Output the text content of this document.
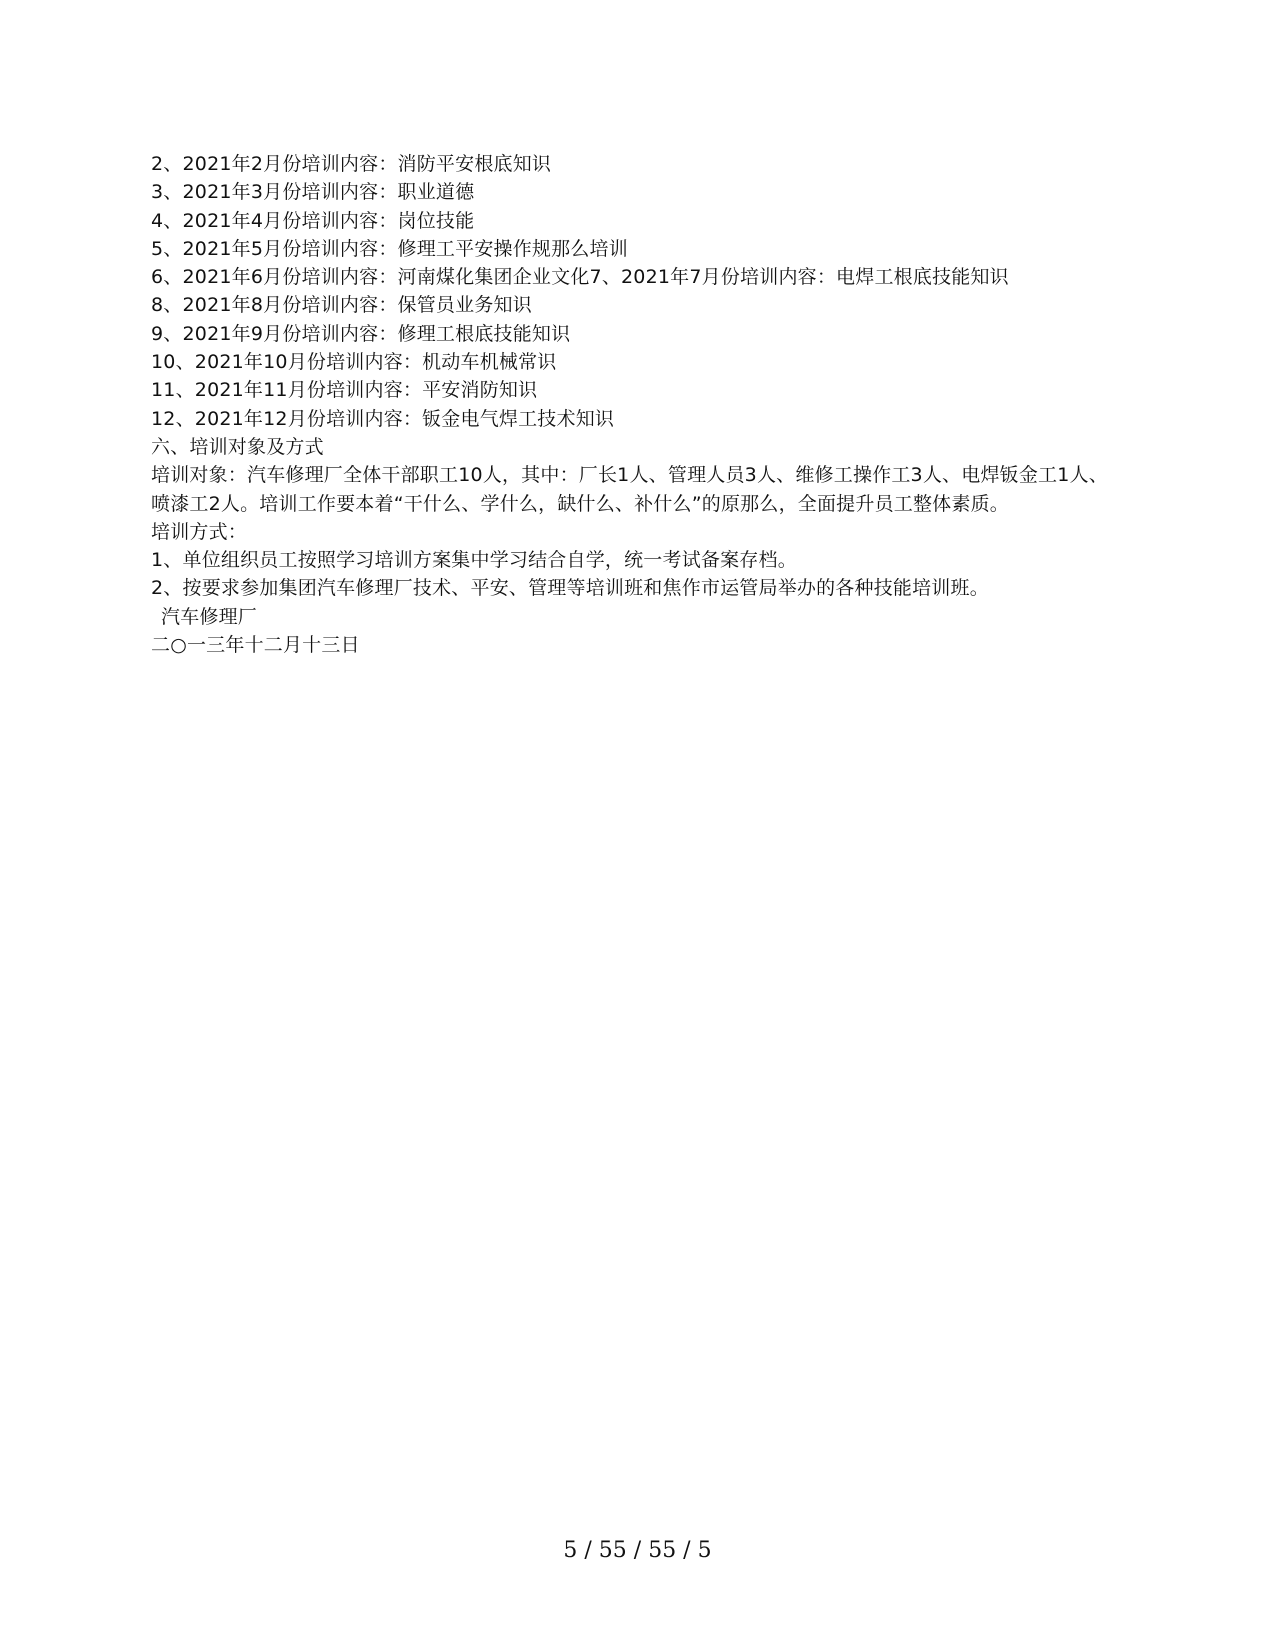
2、2021年2月份培训内容：消防平安根底知识
3、2021年3月份培训内容：职业道德
4、2021年4月份培训内容：岗位技能
5、2021年5月份培训内容：修理工平安操作规那么培训
6、2021年6月份培训内容：河南煤化集团企业文化7、2021年7月份培训内容：电焊工根底技能知识
8、2021年8月份培训内容：保管员业务知识
9、2021年9月份培训内容：修理工根底技能知识
10、2021年10月份培训内容：机动车机械常识
11、2021年11月份培训内容：平安消防知识
12、2021年12月份培训内容：钣金电气焊工技术知识
六、培训对象及方式
培训对象：汽车修理厂全体干部职工10人，其中：厂长1人、管理人员3人、维修工操作工3人、电焊钣金工1人、喷漆工2人。培训工作要本着“干什么、学什么，缺什么、补什么”的原那么，全面提升员工整体素质。
培训方式：
1、单位组织员工按照学习培训方案集中学习结合自学，统一考试备案存档。
2、按要求参加集团汽车修理厂技术、平安、管理等培训班和焦作市运管局举办的各种技能培训班。
汽车修理厂
二○一三年十二月十三日
5 / 55 / 55 / 5
